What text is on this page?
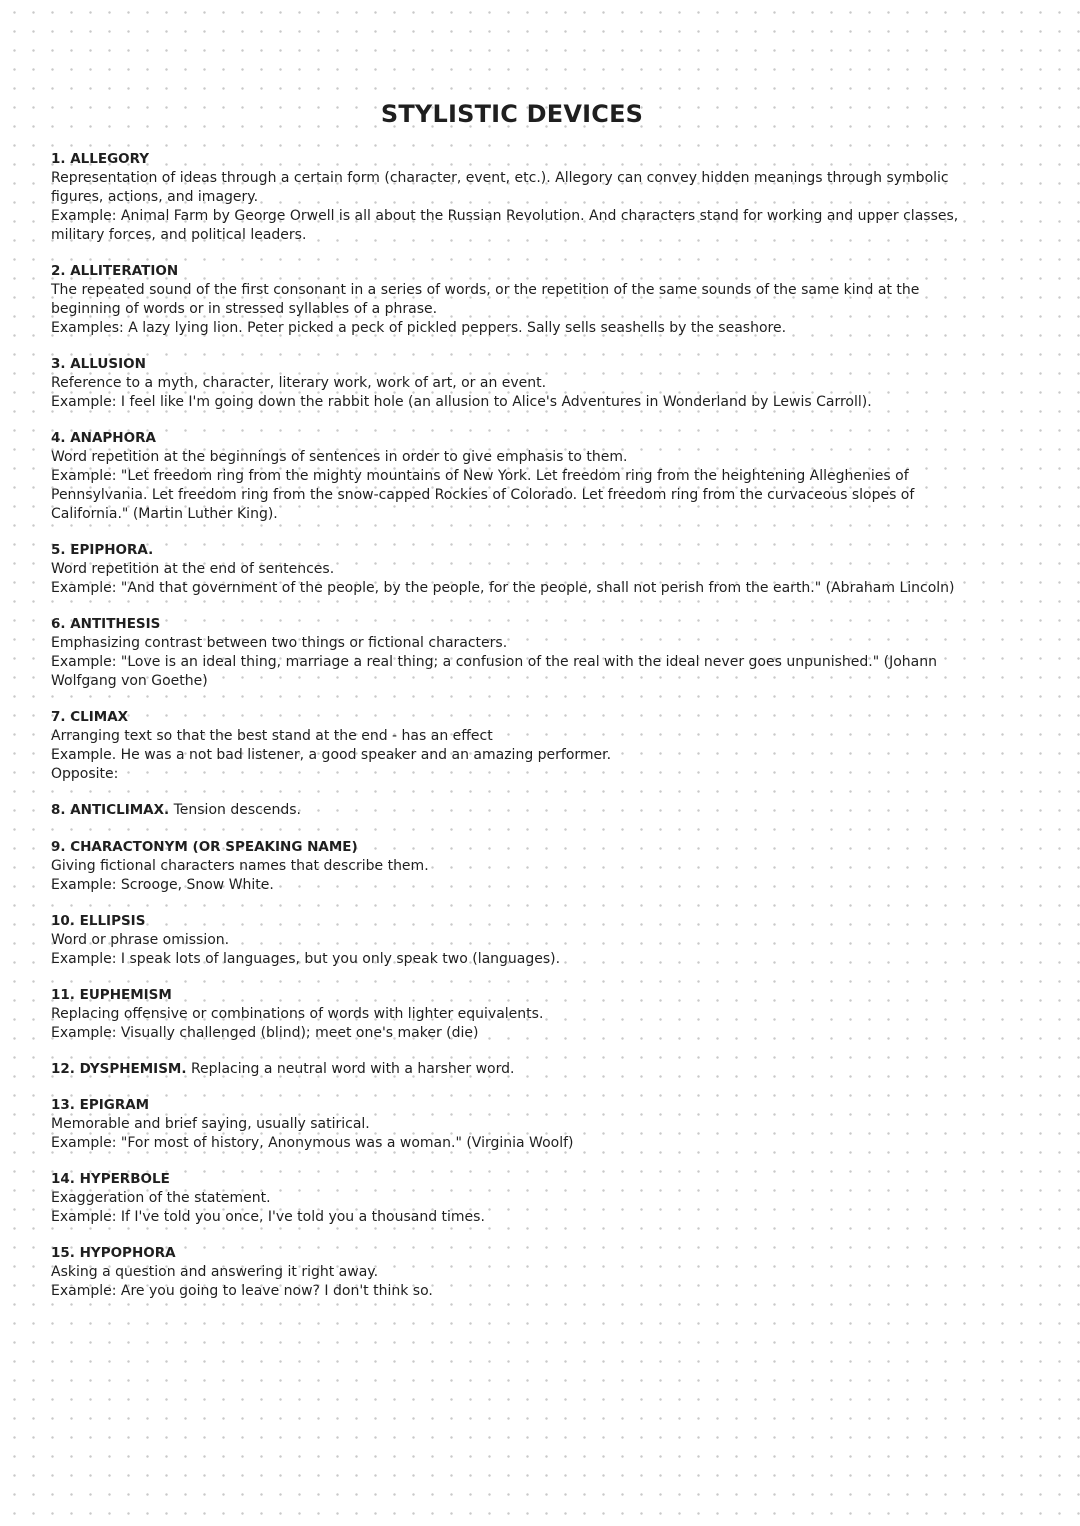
STYLISTIC DEVICES
1. ALLEGORY
Representation of ideas through a certain form (character, event, etc.). Allegory can convey hidden meanings through symbolic figures, actions, and imagery.
Example: Animal Farm by George Orwell is all about the Russian Revolution. And characters stand for working and upper classes, military forces, and political leaders.
2. ALLITERATION
The repeated sound of the first consonant in a series of words, or the repetition of the same sounds of the same kind at the beginning of words or in stressed syllables of a phrase.
Examples: A lazy lying lion. Peter picked a peck of pickled peppers. Sally sells seashells by the seashore.
3. ALLUSION
Reference to a myth, character, literary work, work of art, or an event.
Example: I feel like I'm going down the rabbit hole (an allusion to Alice's Adventures in Wonderland by Lewis Carroll).
4. ANAPHORA
Word repetition at the beginnings of sentences in order to give emphasis to them.
Example: "Let freedom ring from the mighty mountains of New York. Let freedom ring from the heightening Alleghenies of Pennsylvania. Let freedom ring from the snow-capped Rockies of Colorado. Let freedom ring from the curvaceous slopes of California." (Martin Luther King).
5. EPIPHORA.
Word repetition at the end of sentences.
Example: "And that government of the people, by the people, for the people, shall not perish from the earth." (Abraham Lincoln)
6. ANTITHESIS
Emphasizing contrast between two things or fictional characters.
Example: "Love is an ideal thing, marriage a real thing; a confusion of the real with the ideal never goes unpunished." (Johann Wolfgang von Goethe)
7. CLIMAX
Arranging text so that the best stand at the end - has an effect
Example. He was a not bad listener, a good speaker and an amazing performer.
Opposite:
8. ANTICLIMAX. Tension descends.
9. CHARACTONYM (OR SPEAKING NAME)
Giving fictional characters names that describe them.
Example: Scrooge, Snow White.
10. ELLIPSIS
Word or phrase omission.
Example: I speak lots of languages, but you only speak two (languages).
11. EUPHEMISM
Replacing offensive or combinations of words with lighter equivalents.
Example: Visually challenged (blind); meet one's maker (die)
12. DYSPHEMISM. Replacing a neutral word with a harsher word.
13. EPIGRAM
Memorable and brief saying, usually satirical.
Example: "For most of history, Anonymous was a woman." (Virginia Woolf)
14. HYPERBOLE
Exaggeration of the statement.
Example: If I've told you once, I've told you a thousand times.
15. HYPOPHORA
Asking a question and answering it right away.
Example: Are you going to leave now? I don't think so.
